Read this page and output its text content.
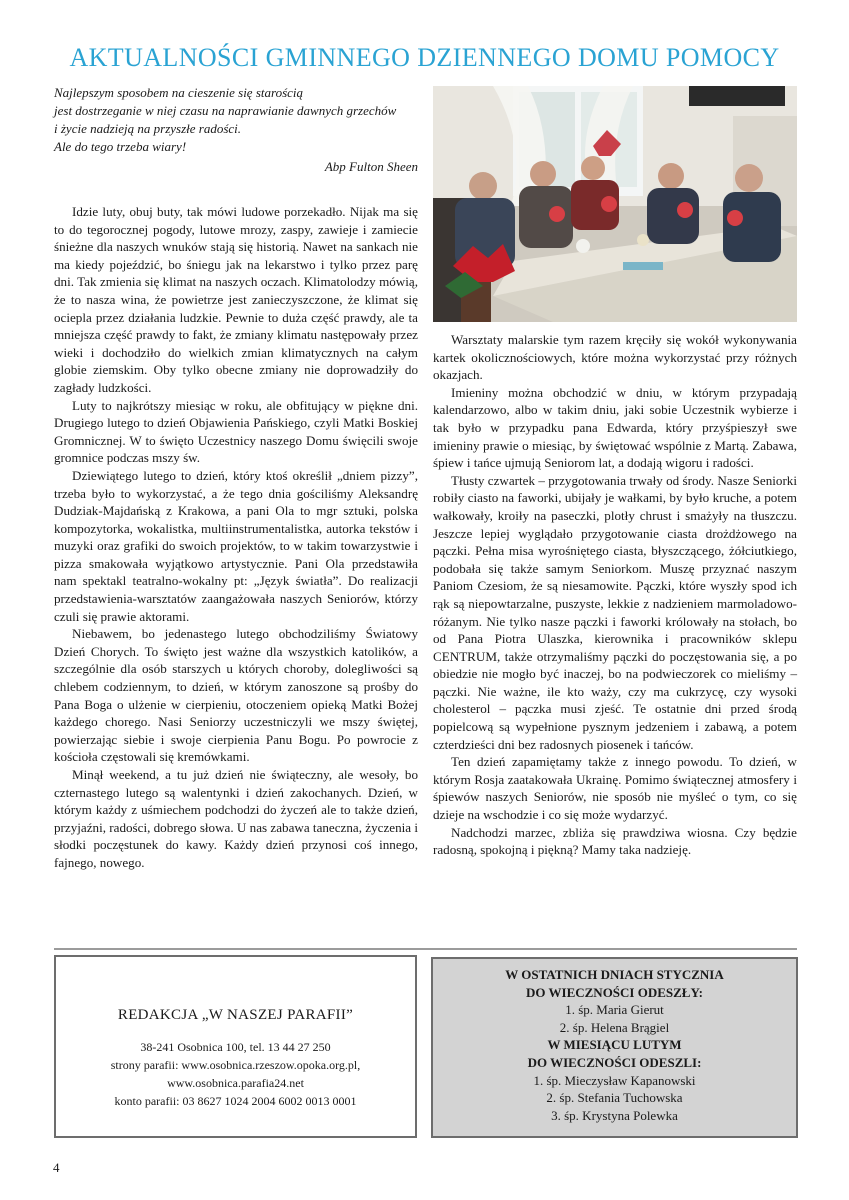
AKTUALNOŚCI GMINNEGO DZIENNEGO DOMU POMOCY
Najlepszym sposobem na cieszenie się starością
jest dostrzeganie w niej czasu na naprawianie dawnych grzechów
i życie nadzieją na przyszłe radości.
Ale do tego trzeba wiary!
Abp Fulton Sheen

Idzie luty, obuj buty, tak mówi ludowe porzekadło. Nijak ma się to do tegorocznej pogody, lutowe mrozy, zaspy, zawieje i zamiecie śnieżne dla naszych wnuków stają się historią. Nawet na sankach nie ma kiedy pojeździć, bo śniegu jak na lekarstwo i tylko przez parę dni. Tak zmienia się klimat na naszych oczach. Klimatolodzy mówią, że to nasza wina, że powietrze jest zanieczyszczone, że klimat się ociepla przez działania ludzkie. Pewnie to duża część prawdy, ale ta mniejsza część prawdy to fakt, że zmiany klimatu następowały przez wieki i dochodziło do wielkich zmian klimatycznych na całym globie ziemskim. Oby tylko obecne zmiany nie doprowadziły do zagłady ludzkości.

Luty to najkrótszy miesiąc w roku, ale obfitujący w piękne dni. Drugiego lutego to dzień Objawienia Pańskiego, czyli Matki Boskiej Gromnicznej. W to święto Uczestnicy naszego Domu święcili swoje gromnice podczas mszy św.

Dziewiątego lutego to dzień, który ktoś określił „dniem pizzy”, trzeba było to wykorzystać, a że tego dnia gościliśmy Aleksandrę Dudziak-Majdańską z Krakowa, a pani Ola to mgr sztuki, polska kompozytorka, wokalistka, multiinstrumentalistka, autorka tekstów i muzyki oraz grafiki do swoich projektów, to w takim towarzystwie i pizza smakowała wyjątkowo artystycznie. Pani Ola przedstawiła nam spektakl teatralno-wokalny pt: „Język światła”. Do realizacji przedstawienia-warsztatów zaangażowała naszych Seniorów, którzy czuli się prawie aktorami.

Niebawem, bo jedenastego lutego obchodziliśmy Światowy Dzień Chorych. To święto jest ważne dla wszystkich katolików, a szczególnie dla osób starszych u których choroby, dolegliwości są chlebem codziennym, to dzień, w którym zanoszone są prośby do Pana Boga o ulżenie w cierpieniu, otoczeniem opieką Matki Bożej każdego chorego. Nasi Seniorzy uczestniczyli we mszy świętej, powierzając siebie i swoje cierpienia Panu Bogu. Po powrocie z kościoła częstowali się kremówkami.

Minął weekend, a tu już dzień nie świąteczny, ale wesoły, bo czternastego lutego są walentynki i dzień zakochanych. Dzień, w którym każdy z uśmiechem podchodzi do życzeń ale to także dzień, przyjaźni, radości, dobrego słowa. U nas zabawa taneczna, życzenia i słodki poczęstunek do kawy. Każdy dzień przynosi coś innego, fajnego, nowego.

Warsztaty malarskie tym razem kręciły się wokół wykonywania kartek okolicznościowych, które można wykorzystać przy różnych okazjach.

Imieniny można obchodzić w dniu, w którym przypadają kalendarzowo, albo w takim dniu, jaki sobie Uczestnik wybierze i tak było w przypadku pana Edwarda, który przyśpieszył swe imieniny prawie o miesiąc, by świętować wspólnie z Martą. Zabawa, śpiew i tańce ujmują Seniorom lat, a dodają wigoru i radości.

Tłusty czwartek – przygotowania trwały od środy. Nasze Seniorki robiły ciasto na faworki, ubijały je wałkami, by było kruche, a potem wałkowały, kroiły na paseczki, plotły chrust i smażyły na tłuszczu. Jeszcze lepiej wyglądało przygotowanie ciasta drożdżowego na pączki. Pełna misa wyrośniętego ciasta, błyszczącego, żółciutkiego, podobała się także samym Seniorkom. Muszę przyznać naszym Paniom Czesiom, że są niesamowite. Pączki, które wyszły spod ich rąk są niepowtarzalne, puszyste, lekkie z nadzieniem marmoladowo-różanym. Nie tylko nasze pączki i faworki królowały na stołach, bo od Pana Piotra Ulaszka, kierownika i pracowników sklepu CENTRUM, także otrzymaliśmy pączki do poczęstowania się, a po obiedzie nie mogło być inaczej, bo na podwieczorek co mieliśmy – pączki. Nie ważne, ile kto waży, czy ma cukrzycę, czy wysoki cholesterol – pączka musi zjeść. Te ostatnie dni przed środą popielcową są wypełnione pysznym jedzeniem i zabawą, a potem czterdzieści dni bez radosnych piosenek i tańców.

Ten dzień zapamiętamy także z innego powodu. To dzień, w którym Rosja zaatakowała Ukrainę. Pomimo świątecznej atmosfery i śpiewów naszych Seniorów, nie sposób nie myśleć o tym, co się dzieje na wschodzie i co się może wydarzyć.

Nadchodzi marzec, zbliża się prawdziwa wiosna. Czy będzie radosną, spokojną i piękną? Mamy taka nadzieję.

REDAKCJA „W NASZEJ PARAFII”
38-241 Osobnica 100, tel. 13 44 27 250
strony parafii: www.osobnica.rzeszow.opoka.org.pl,
www.osobnica.parafia24.net
konto parafii: 03 8627 1024 2004 6002 0013 0001
W OSTATNICH DNIACH STYCZNIA
DO WIECZNOŚCI ODESZŁY:
1. śp. Maria Gierut
2. śp. Helena Brągiel
W MIESIĄCU LUTYM
DO WIECZNOŚCI ODESZLI:
1. śp. Mieczysław Kapanowski
2. śp. Stefania Tuchowska
3. śp. Krystyna Polewka
4
